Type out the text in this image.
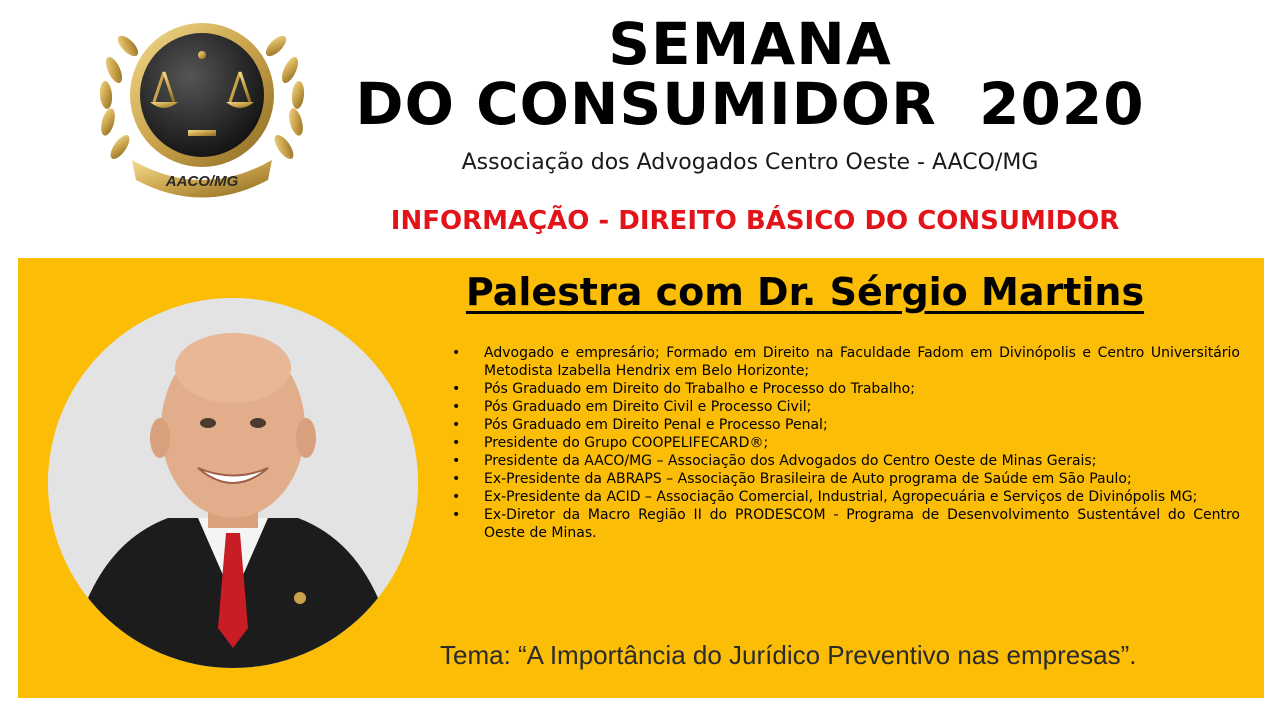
AACO/MG
SEMANA
DO CONSUMIDOR  2020
Associação dos Advogados Centro Oeste - AACO/MG
INFORMAÇÃO - DIREITO BÁSICO DO CONSUMIDOR
Palestra com Dr. Sérgio Martins
• Advogado e empresário; Formado em Direito na Faculdade Fadom em Divinópolis e Centro Universitário Metodista Izabella Hendrix em Belo Horizonte;
• Pós Graduado em Direito do Trabalho e Processo do Trabalho;
• Pós Graduado em Direito Civil e Processo Civil;
• Pós Graduado em Direito Penal e Processo Penal;
• Presidente do Grupo COOPELIFECARD®;
• Presidente da AACO/MG – Associação dos Advogados do Centro Oeste de Minas Gerais;
• Ex-Presidente da ABRAPS – Associação Brasileira de Auto programa de Saúde em São Paulo;
• Ex-Presidente da ACID – Associação Comercial, Industrial, Agropecuária e Serviços de Divinópolis MG;
• Ex-Diretor da Macro Região II do PRODESCOM - Programa de Desenvolvimento Sustentável do Centro Oeste de Minas.
Tema: “A Importância do Jurídico Preventivo nas empresas”.
